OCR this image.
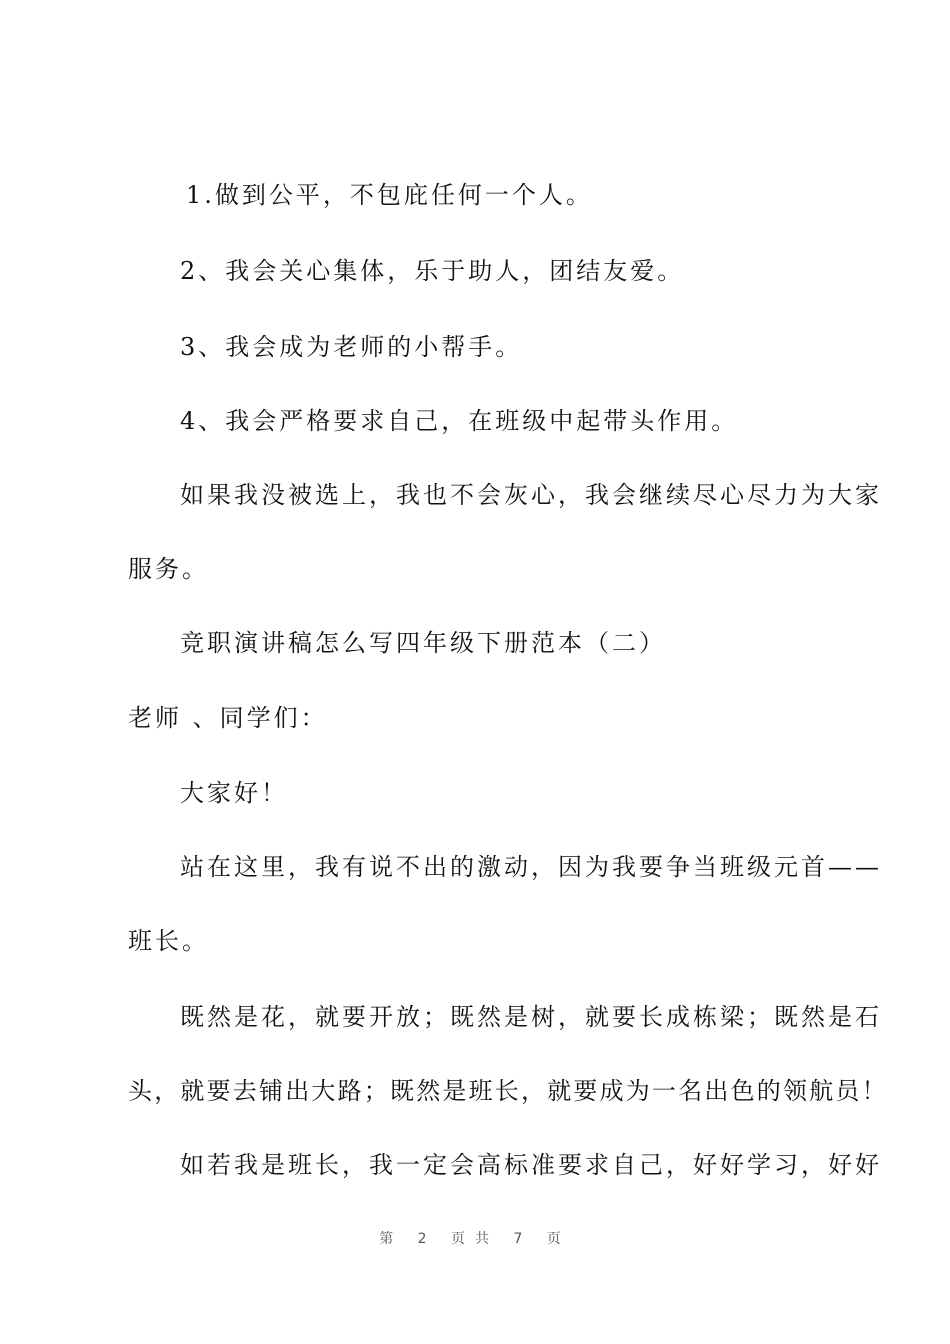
1.做到公平，不包庇任何一个人。
2、我会关心集体，乐于助人，团结友爱。
3、我会成为老师的小帮手。
4、我会严格要求自己，在班级中起带头作用。
如果我没被选上，我也不会灰心，我会继续尽心尽力为大家
服务。
竞职演讲稿怎么写四年级下册范本（二）
老师 、同学们：
大家好！
站在这里，我有说不出的激动，因为我要争当班级元首——
班长。
既然是花，就要开放；既然是树，就要长成栋梁；既然是石
头，就要去铺出大路；既然是班长，就要成为一名出色的领航员！
如若我是班长，我一定会高标准要求自己，好好学习，好好
第 2 页共 7 页
